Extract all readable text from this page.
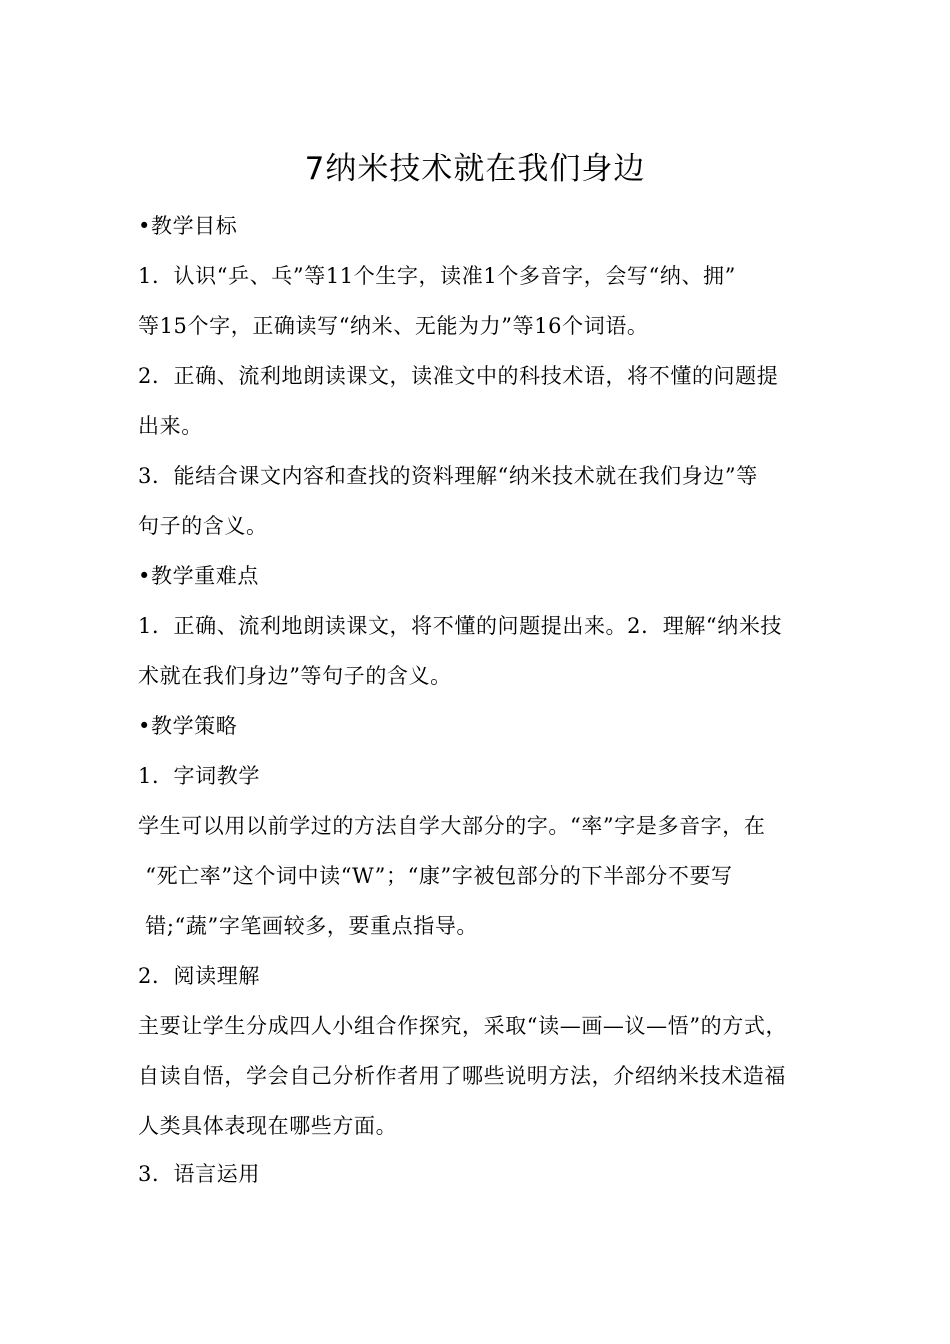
7纳米技术就在我们身边
•教学目标
1．认识“乒、乓”等11个生字，读准1个多音字，会写“纳、拥”
等15个字，正确读写“纳米、无能为力”等16个词语。
2．正确、流利地朗读课文，读准文中的科技术语，将不懂的问题提
出来。
3．能结合课文内容和查找的资料理解“纳米技术就在我们身边”等
句子的含义。
•教学重难点
1．正确、流利地朗读课文，将不懂的问题提出来。2．理解“纳米技
术就在我们身边”等句子的含义。
•教学策略
1．字词教学
学生可以用以前学过的方法自学大部分的字。“率”字是多音字，在
“死亡率”这个词中读“W”；“康”字被包部分的下半部分不要写
错;“蔬”字笔画较多，要重点指导。
2．阅读理解
主要让学生分成四人小组合作探究，采取“读—画—议—悟”的方式，
自读自悟，学会自己分析作者用了哪些说明方法，介绍纳米技术造福
人类具体表现在哪些方面。
3．语言运用
